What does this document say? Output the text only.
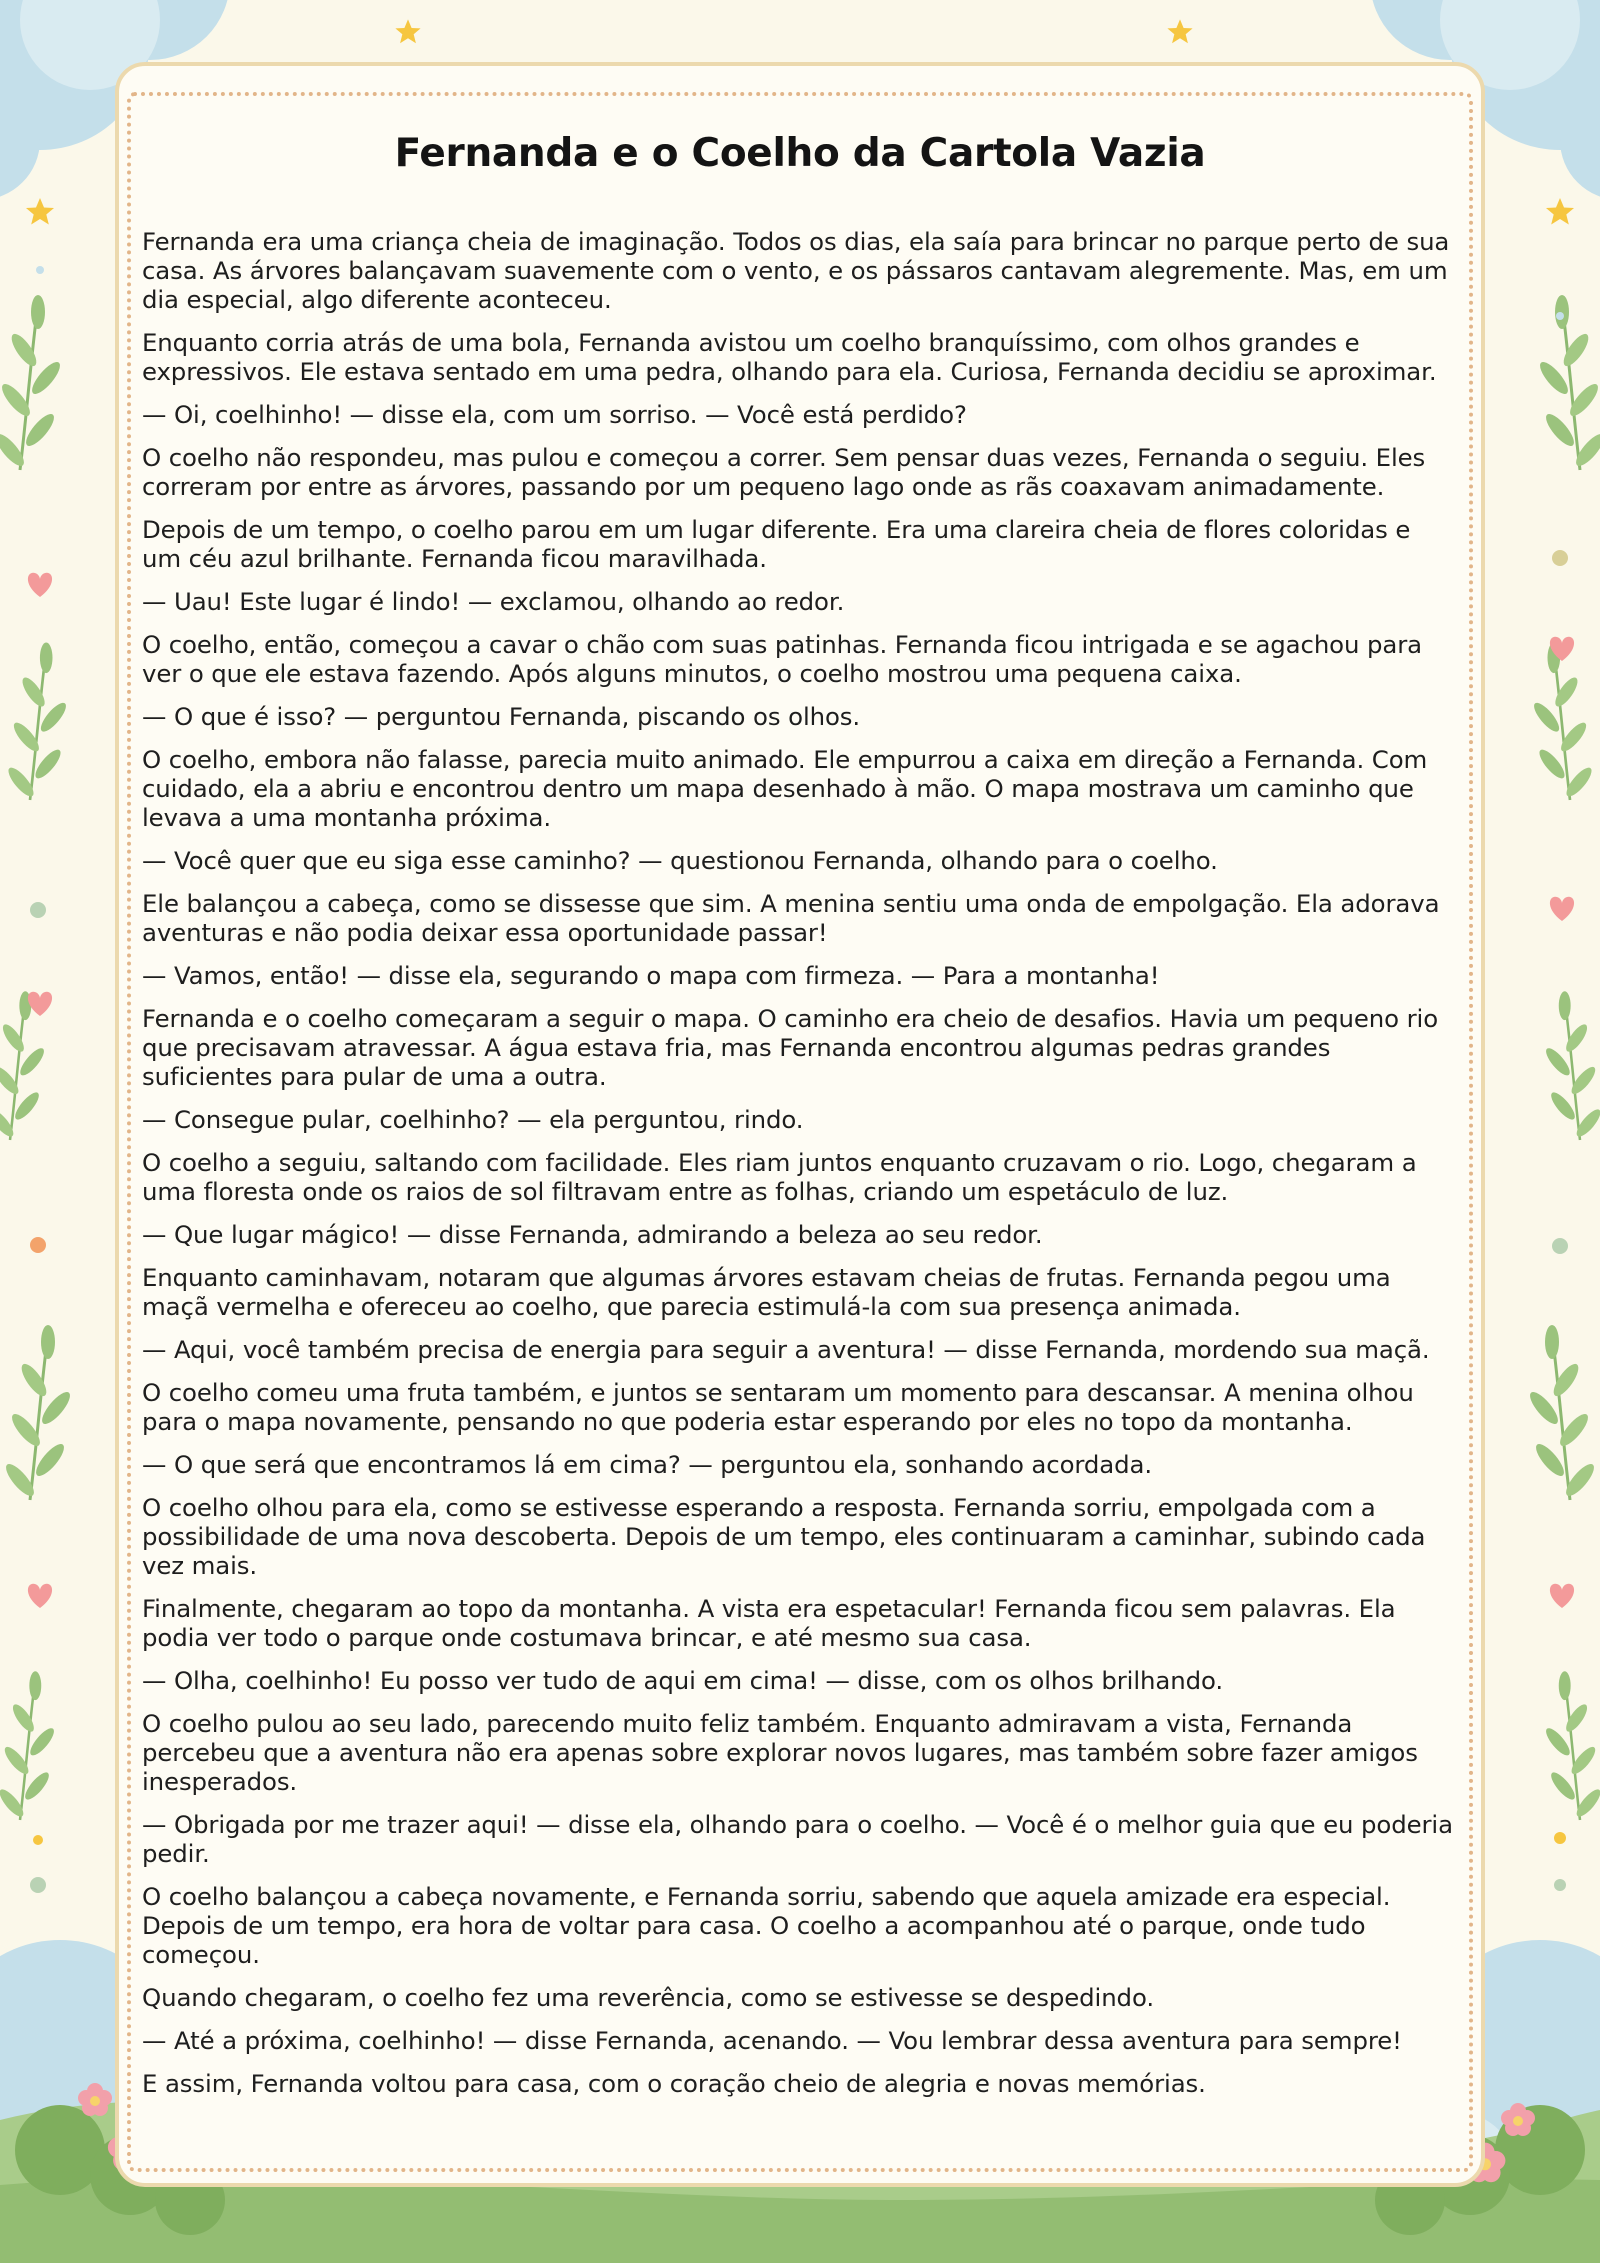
Fernanda e o Coelho da Cartola Vazia

Fernanda era uma criança cheia de imaginação. Todos os dias, ela saía para brincar no parque perto de sua casa. As árvores balançavam suavemente com o vento, e os pássaros cantavam alegremente. Mas, em um dia especial, algo diferente aconteceu.

Enquanto corria atrás de uma bola, Fernanda avistou um coelho branquíssimo, com olhos grandes e expressivos. Ele estava sentado em uma pedra, olhando para ela. Curiosa, Fernanda decidiu se aproximar.

— Oi, coelhinho! — disse ela, com um sorriso. — Você está perdido?

O coelho não respondeu, mas pulou e começou a correr. Sem pensar duas vezes, Fernanda o seguiu. Eles correram por entre as árvores, passando por um pequeno lago onde as rãs coaxavam animadamente.

Depois de um tempo, o coelho parou em um lugar diferente. Era uma clareira cheia de flores coloridas e um céu azul brilhante. Fernanda ficou maravilhada.

— Uau! Este lugar é lindo! — exclamou, olhando ao redor.

O coelho, então, começou a cavar o chão com suas patinhas. Fernanda ficou intrigada e se agachou para ver o que ele estava fazendo. Após alguns minutos, o coelho mostrou uma pequena caixa.

— O que é isso? — perguntou Fernanda, piscando os olhos.

O coelho, embora não falasse, parecia muito animado. Ele empurrou a caixa em direção a Fernanda. Com cuidado, ela a abriu e encontrou dentro um mapa desenhado à mão. O mapa mostrava um caminho que levava a uma montanha próxima.

— Você quer que eu siga esse caminho? — questionou Fernanda, olhando para o coelho.

Ele balançou a cabeça, como se dissesse que sim. A menina sentiu uma onda de empolgação. Ela adorava aventuras e não podia deixar essa oportunidade passar!

— Vamos, então! — disse ela, segurando o mapa com firmeza. — Para a montanha!

Fernanda e o coelho começaram a seguir o mapa. O caminho era cheio de desafios. Havia um pequeno rio que precisavam atravessar. A água estava fria, mas Fernanda encontrou algumas pedras grandes suficientes para pular de uma a outra.

— Consegue pular, coelhinho? — ela perguntou, rindo.

O coelho a seguiu, saltando com facilidade. Eles riam juntos enquanto cruzavam o rio. Logo, chegaram a uma floresta onde os raios de sol filtravam entre as folhas, criando um espetáculo de luz.

— Que lugar mágico! — disse Fernanda, admirando a beleza ao seu redor.

Enquanto caminhavam, notaram que algumas árvores estavam cheias de frutas. Fernanda pegou uma maçã vermelha e ofereceu ao coelho, que parecia estimulá-la com sua presença animada.

— Aqui, você também precisa de energia para seguir a aventura! — disse Fernanda, mordendo sua maçã.

O coelho comeu uma fruta também, e juntos se sentaram um momento para descansar. A menina olhou para o mapa novamente, pensando no que poderia estar esperando por eles no topo da montanha.

— O que será que encontramos lá em cima? — perguntou ela, sonhando acordada.

O coelho olhou para ela, como se estivesse esperando a resposta. Fernanda sorriu, empolgada com a possibilidade de uma nova descoberta. Depois de um tempo, eles continuaram a caminhar, subindo cada vez mais.

Finalmente, chegaram ao topo da montanha. A vista era espetacular! Fernanda ficou sem palavras. Ela podia ver todo o parque onde costumava brincar, e até mesmo sua casa.

— Olha, coelhinho! Eu posso ver tudo de aqui em cima! — disse, com os olhos brilhando.

O coelho pulou ao seu lado, parecendo muito feliz também. Enquanto admiravam a vista, Fernanda percebeu que a aventura não era apenas sobre explorar novos lugares, mas também sobre fazer amigos inesperados.

— Obrigada por me trazer aqui! — disse ela, olhando para o coelho. — Você é o melhor guia que eu poderia pedir.

O coelho balançou a cabeça novamente, e Fernanda sorriu, sabendo que aquela amizade era especial. Depois de um tempo, era hora de voltar para casa. O coelho a acompanhou até o parque, onde tudo começou.

Quando chegaram, o coelho fez uma reverência, como se estivesse se despedindo.

— Até a próxima, coelhinho! — disse Fernanda, acenando. — Vou lembrar dessa aventura para sempre!

E assim, Fernanda voltou para casa, com o coração cheio de alegria e novas memórias.
